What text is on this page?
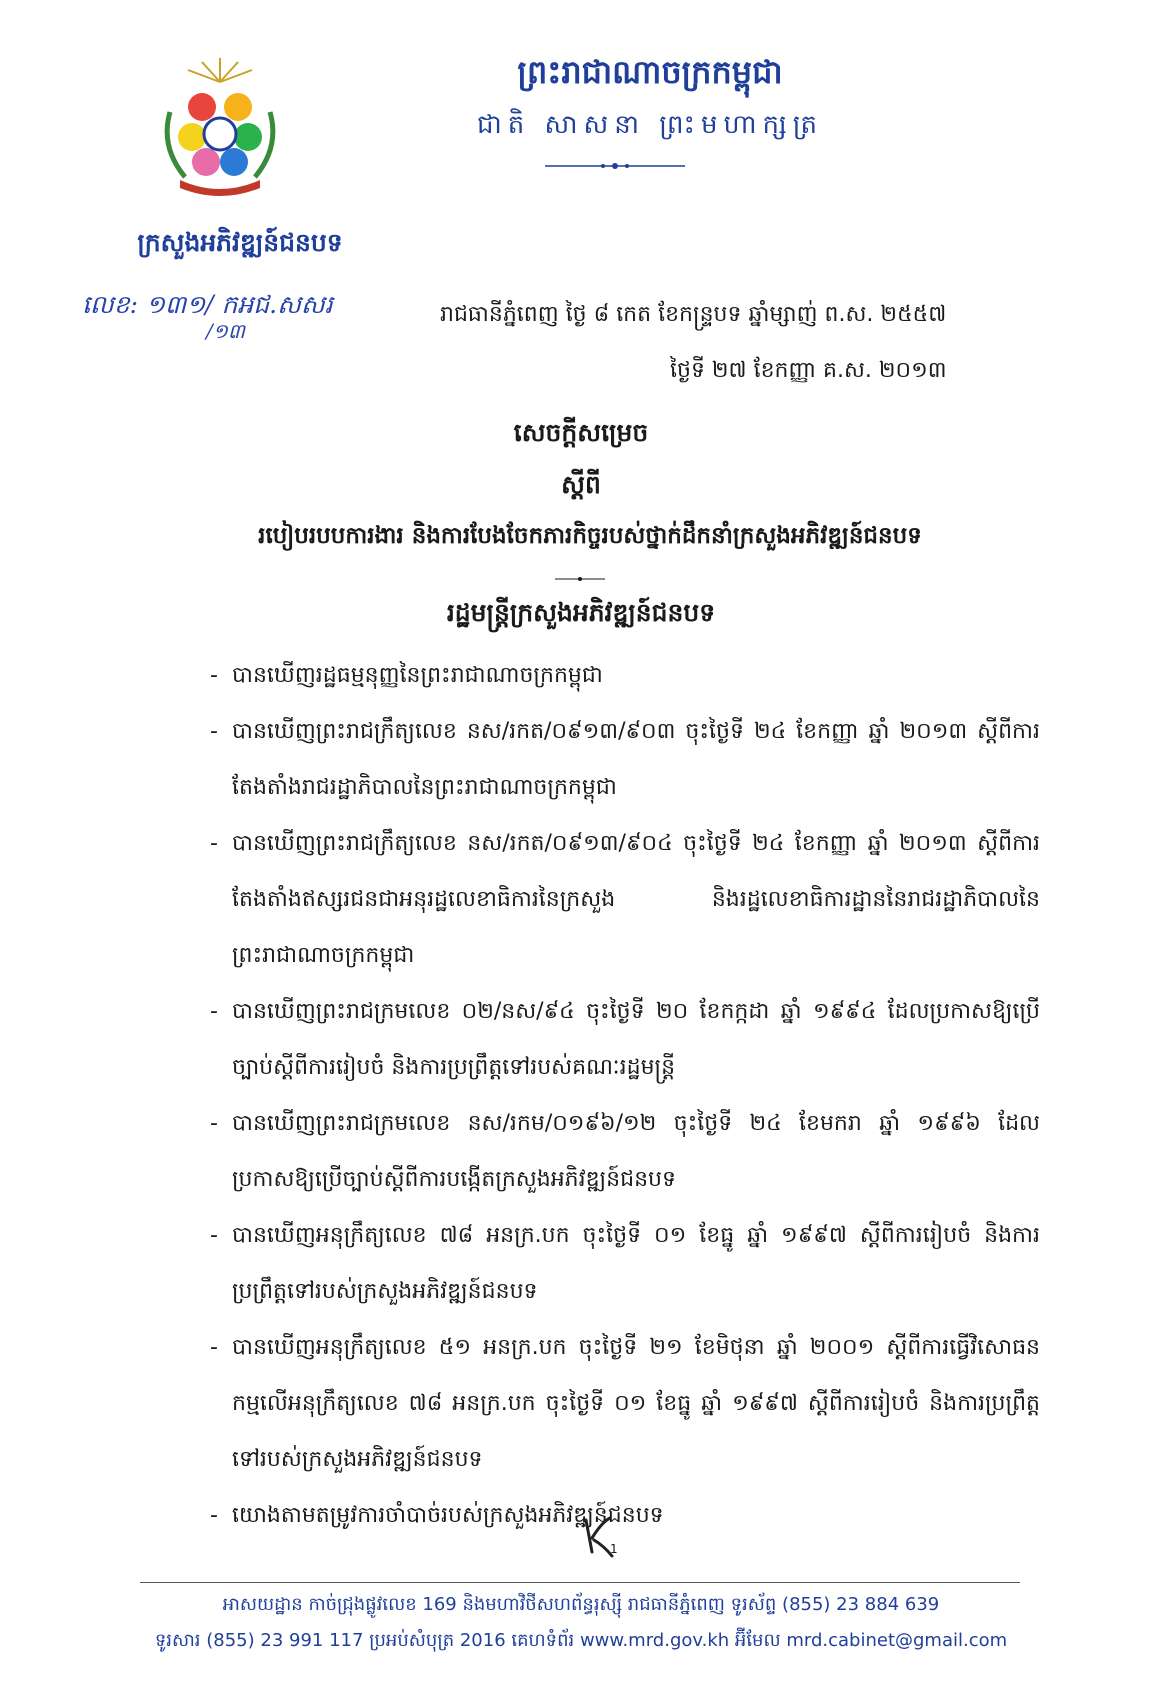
ព្រះរាជាណាចក្រកម្ពុជា
ជាតិ សាសនា ព្រះមហាក្សត្រ
ក្រសួងអភិវឌ្ឍន៍ជនបទ
លេខ: ១៣១/ កអជ.សសរ
/១៣
រាជធានីភ្នំពេញ ថ្ងៃ ៨ កេត ខែកន្ទ្របទ ឆ្នាំម្សាញ់ ព.ស. ២៥៥៧
ថ្ងៃទី ២៧ ខែកញ្ញា គ.ស. ២០១៣
សេចក្តីសម្រេច
ស្តីពី
របៀបរបបការងារ និងការបែងចែកភារកិច្ចរបស់ថ្នាក់ដឹកនាំក្រសួងអភិវឌ្ឍន៍ជនបទ
រដ្ឋមន្ត្រីក្រសួងអភិវឌ្ឍន៍ជនបទ
- បានឃើញរដ្ឋធម្មនុញ្ញនៃព្រះរាជាណាចក្រកម្ពុជា
- បានឃើញព្រះរាជក្រឹត្យលេខ នស/រកត/០៩១៣/៩០៣ ចុះថ្ងៃទី ២៤ ខែកញ្ញា ឆ្នាំ ២០១៣ ស្តីពីការតែងតាំងរាជរដ្ឋាភិបាលនៃព្រះរាជាណាចក្រកម្ពុជា
- បានឃើញព្រះរាជក្រឹត្យលេខ នស/រកត/០៩១៣/៩០៤ ចុះថ្ងៃទី ២៤ ខែកញ្ញា ឆ្នាំ ២០១៣ ស្តីពីការតែងតាំងឥស្សរជនជាអនុរដ្ឋលេខាធិការនៃក្រសួង និងរដ្ឋលេខាធិការដ្ឋាននៃរាជរដ្ឋាភិបាលនៃព្រះរាជាណាចក្រកម្ពុជា
- បានឃើញព្រះរាជក្រមលេខ ០២/នស/៩៤ ចុះថ្ងៃទី ២០ ខែកក្កដា ឆ្នាំ ១៩៩៤ ដែលប្រកាសឱ្យប្រើច្បាប់ស្តីពីការរៀបចំ និងការប្រព្រឹត្តទៅរបស់គណៈរដ្ឋមន្ត្រី
- បានឃើញព្រះរាជក្រមលេខ នស/រកម/០១៩៦/១២ ចុះថ្ងៃទី ២៤ ខែមករា ឆ្នាំ ១៩៩៦ ដែលប្រកាសឱ្យប្រើច្បាប់ស្តីពីការបង្កើតក្រសួងអភិវឌ្ឍន៍ជនបទ
- បានឃើញអនុក្រឹត្យលេខ ៧៨ អនក្រ.បក ចុះថ្ងៃទី ០១ ខែធ្នូ ឆ្នាំ ១៩៩៧ ស្តីពីការរៀបចំ និងការប្រព្រឹត្តទៅរបស់ក្រសួងអភិវឌ្ឍន៍ជនបទ
- បានឃើញអនុក្រឹត្យលេខ ៥១ អនក្រ.បក ចុះថ្ងៃទី ២១ ខែមិថុនា ឆ្នាំ ២០០១ ស្តីពីការធ្វើវិសោធនកម្មលើអនុក្រឹត្យលេខ ៧៨ អនក្រ.បក ចុះថ្ងៃទី ០១ ខែធ្នូ ឆ្នាំ ១៩៩៧ ស្តីពីការរៀបចំ និងការប្រព្រឹត្តទៅរបស់ក្រសួងអភិវឌ្ឍន៍ជនបទ
- យោងតាមតម្រូវការចាំបាច់របស់ក្រសួងអភិវឌ្ឍន៍ជនបទ
1
អាសយដ្ឋាន កាច់ជ្រុងផ្លូវលេខ 169 និងមហាវិថីសហព័ន្ធរុស្ស៊ី រាជធានីភ្នំពេញ ទូរស័ព្ទ (855) 23 884 639
ទូរសារ (855) 23 991 117 ប្រអប់សំបុត្រ 2016 គេហទំព័រ www.mrd.gov.kh អ៊ីមែល mrd.cabinet@gmail.com
